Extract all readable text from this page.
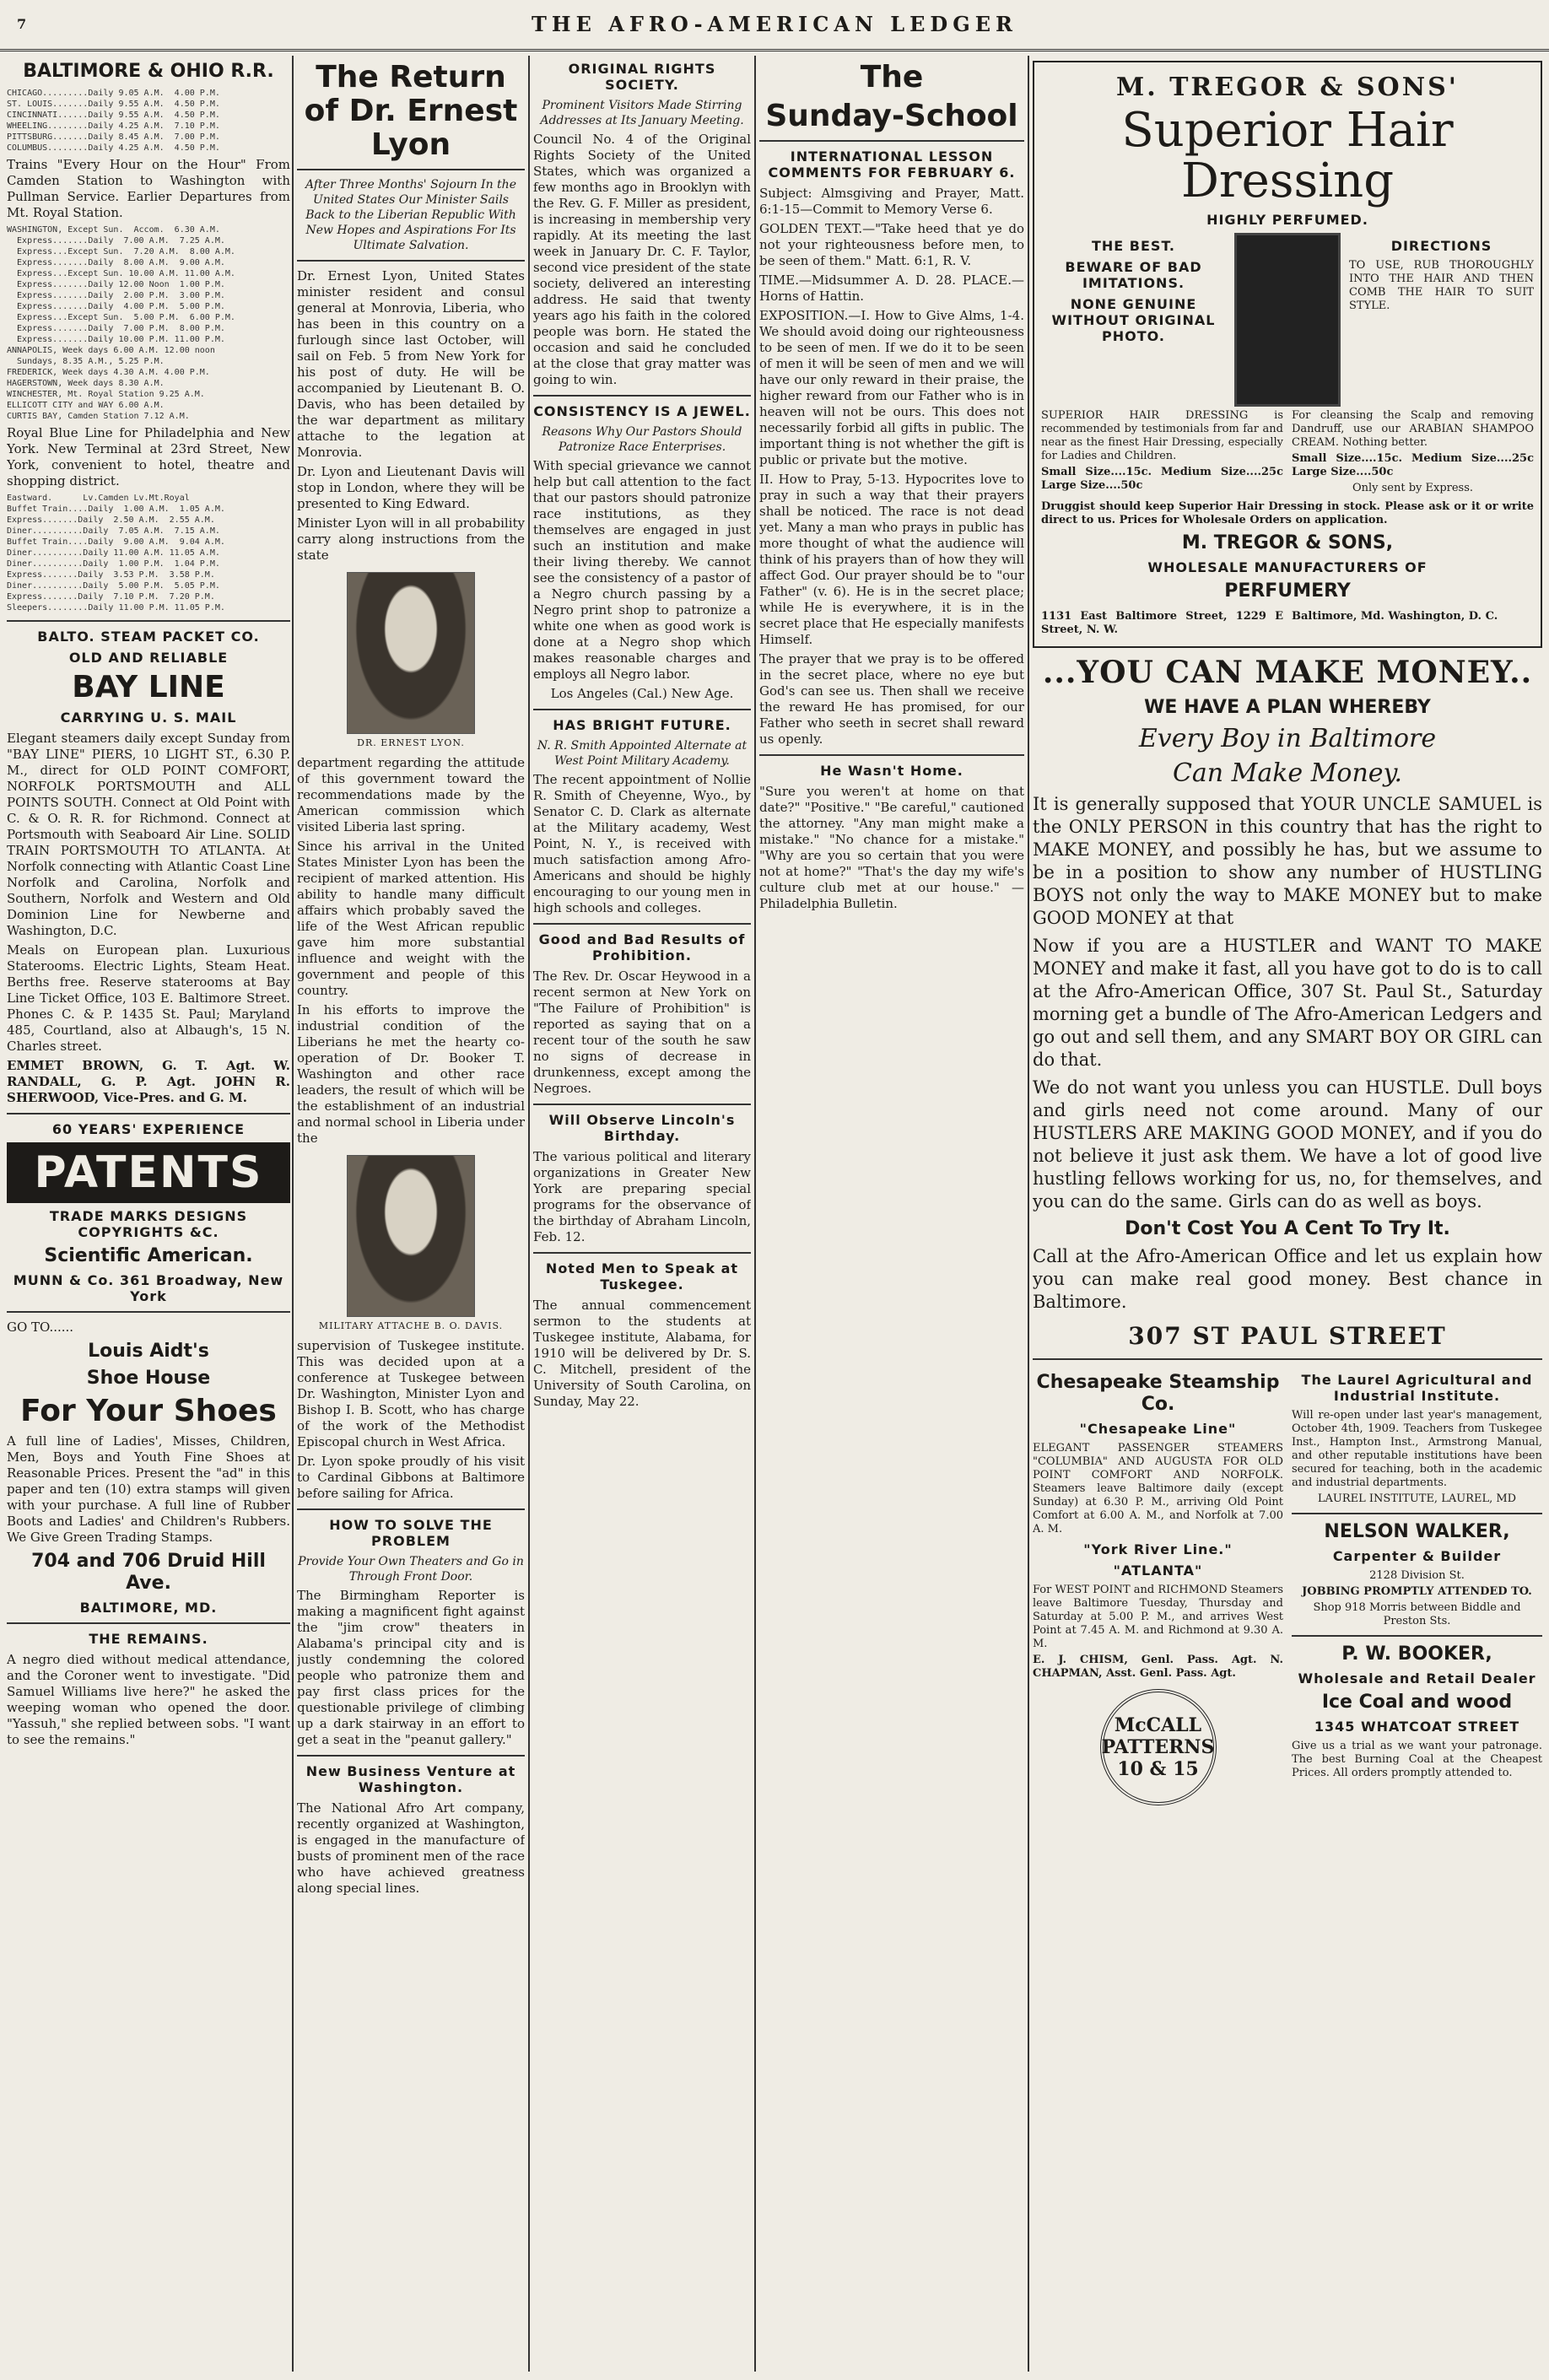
7	THE AFRO-AMERICAN LEDGER
BALTIMORE & OHIO R.R.
CHICAGO.........Daily 9.05 A.M.  4.00 P.M.
ST. LOUIS.......Daily 9.55 A.M.  4.50 P.M.
CINCINNATI......Daily 9.55 A.M.  4.50 P.M.
WHEELING........Daily 4.25 A.M.  7.10 P.M.
PITTSBURG.......Daily 8.45 A.M.  7.00 P.M.
COLUMBUS........Daily 4.25 A.M.  4.50 P.M.
Trains "Every Hour on the Hour" From Camden Station to Washington with Pullman Service. Earlier Departures from Mt. Royal Station.
WASHINGTON, Except Sun.  Accom.  6.30 A.M.
Express.......Daily  7.00 A.M.  7.25 A.M.
Express...Except Sun.  7.20 A.M.  8.00 A.M.
Express.......Daily  8.00 A.M.  9.00 A.M.
Express...Except Sun. 10.00 A.M. 11.00 A.M.
Express.......Daily 12.00 Noon  1.00 P.M.
Express.......Daily  2.00 P.M.  3.00 P.M.
Express.......Daily  4.00 P.M.  5.00 P.M.
Express...Except Sun.  5.00 P.M.  6.00 P.M.
Express.......Daily  7.00 P.M.  8.00 P.M.
Express.......Daily 10.00 P.M. 11.00 P.M.
ANNAPOLIS, Week days 6.00 A.M. 12.00 noon
Sundays, 8.35 A.M., 5.25 P.M.
FREDERICK, Week days 4.30 A.M. 4.00 P.M.
HAGERSTOWN, Week days 8.30 A.M.
WINCHESTER, Mt. Royal Station 9.25 A.M.
ELLICOTT CITY and WAY 6.00 A.M.
CURTIS BAY, Camden Station 7.12 A.M.
Royal Blue Line for Philadelphia and New York. New Terminal at 23rd Street, New York, convenient to hotel, theatre and shopping district.
Eastward.      Lv.Camden Lv.Mt.Royal
Buffet Train....Daily  1.00 A.M.  1.05 A.M.
Express.......Daily  2.50 A.M.  2.55 A.M.
Diner..........Daily  7.05 A.M.  7.15 A.M.
Buffet Train....Daily  9.00 A.M.  9.04 A.M.
Diner..........Daily 11.00 A.M. 11.05 A.M.
Diner..........Daily  1.00 P.M.  1.04 P.M.
Express.......Daily  3.53 P.M.  3.58 P.M.
Diner..........Daily  5.00 P.M.  5.05 P.M.
Express.......Daily  7.10 P.M.  7.20 P.M.
Sleepers........Daily 11.00 P.M. 11.05 P.M.
BALTO. STEAM PACKET CO.
OLD AND RELIABLE
BAY LINE
CARRYING U. S. MAIL
Elegant steamers daily except Sunday from "BAY LINE" PIERS, 10 LIGHT ST., 6.30 P. M., direct for OLD POINT COMFORT, NORFOLK PORTSMOUTH and ALL POINTS SOUTH. Connect at Old Point with C. & O. R. R. for Richmond. Connect at Portsmouth with Seaboard Air Line. SOLID TRAIN PORTSMOUTH TO ATLANTA. At Norfolk connecting with Atlantic Coast Line Norfolk and Carolina, Norfolk and Southern, Norfolk and Western and Old Dominion Line for Newberne and Washington, D.C.
Meals on European plan. Luxurious Staterooms. Electric Lights, Steam Heat. Berths free. Reserve staterooms at Bay Line Ticket Office, 103 E. Baltimore Street. Phones C. & P. 1435 St. Paul; Maryland 485, Courtland, also at Albaugh's, 15 N. Charles street.
EMMET BROWN, G. T. Agt. W. RANDALL, G. P. Agt. JOHN R. SHERWOOD, Vice-Pres. and G. M.
60 YEARS' EXPERIENCE
PATENTS
TRADE MARKS DESIGNS COPYRIGHTS &C.
Scientific American.
MUNN & Co. 361 Broadway, New York
GO TO......
Louis Aidt's
Shoe House
For Your Shoes
A full line of Ladies', Misses, Children, Men, Boys and Youth Fine Shoes at Reasonable Prices. Present the "ad" in this paper and ten (10) extra stamps will given with your purchase. A full line of Rubber Boots and Ladies' and Children's Rubbers. We Give Green Trading Stamps.
704 and 706 Druid Hill Ave.
BALTIMORE, MD.
THE REMAINS.
A negro died without medical attendance, and the Coroner went to investigate. "Did Samuel Williams live here?" he asked the weeping woman who opened the door. "Yassuh," she replied between sobs. "I want to see the remains."
The Return of Dr. Ernest Lyon
After Three Months' Sojourn In the United States Our Minister Sails Back to the Liberian Republic With New Hopes and Aspirations For Its Ultimate Salvation.
Dr. Ernest Lyon, United States minister resident and consul general at Monrovia, Liberia, who has been in this country on a furlough since last October, will sail on Feb. 5 from New York for his post of duty. He will be accompanied by Lieutenant B. O. Davis, who has been detailed by the war department as military attache to the legation at Monrovia.
Dr. Lyon and Lieutenant Davis will stop in London, where they will be presented to King Edward.
Minister Lyon will in all probability carry along instructions from the state
DR. ERNEST LYON.
department regarding the attitude of this government toward the recommendations made by the American commission which visited Liberia last spring.
Since his arrival in the United States Minister Lyon has been the recipient of marked attention. His ability to handle many difficult affairs which probably saved the life of the West African republic gave him more substantial influence and weight with the government and people of this country.
In his efforts to improve the industrial condition of the Liberians he met the hearty co-operation of Dr. Booker T. Washington and other race leaders, the result of which will be the establishment of an industrial and normal school in Liberia under the
MILITARY ATTACHE B. O. DAVIS.
supervision of Tuskegee institute. This was decided upon at a conference at Tuskegee between Dr. Washington, Minister Lyon and Bishop I. B. Scott, who has charge of the work of the Methodist Episcopal church in West Africa.
Dr. Lyon spoke proudly of his visit to Cardinal Gibbons at Baltimore before sailing for Africa.
HOW TO SOLVE THE PROBLEM
Provide Your Own Theaters and Go in Through Front Door.
The Birmingham Reporter is making a magnificent fight against the "jim crow" theaters in Alabama's principal city and is justly condemning the colored people who patronize them and pay first class prices for the questionable privilege of climbing up a dark stairway in an effort to get a seat in the "peanut gallery."
New Business Venture at Washington.
The National Afro Art company, recently organized at Washington, is engaged in the manufacture of busts of prominent men of the race who have achieved greatness along special lines.
ORIGINAL RIGHTS SOCIETY.
Prominent Visitors Made Stirring Addresses at Its January Meeting.
Council No. 4 of the Original Rights Society of the United States, which was organized a few months ago in Brooklyn with the Rev. G. F. Miller as president, is increasing in membership very rapidly. At its meeting the last week in January Dr. C. F. Taylor, second vice president of the state society, delivered an interesting address. He said that twenty years ago his faith in the colored people was born. He stated the occasion and said he concluded at the close that gray matter was going to win.
CONSISTENCY IS A JEWEL.
Reasons Why Our Pastors Should Patronize Race Enterprises.
With special grievance we cannot help but call attention to the fact that our pastors should patronize race institutions, as they themselves are engaged in just such an institution and make their living thereby. We cannot see the consistency of a pastor of a Negro church passing by a Negro print shop to patronize a white one when as good work is done at a Negro shop which makes reasonable charges and employs all Negro labor.
Los Angeles (Cal.) New Age.
HAS BRIGHT FUTURE.
N. R. Smith Appointed Alternate at West Point Military Academy.
The recent appointment of Nollie R. Smith of Cheyenne, Wyo., by Senator C. D. Clark as alternate at the Military academy, West Point, N. Y., is received with much satisfaction among Afro-Americans and should be highly encouraging to our young men in high schools and colleges.
Good and Bad Results of Prohibition.
The Rev. Dr. Oscar Heywood in a recent sermon at New York on "The Failure of Prohibition" is reported as saying that on a recent tour of the south he saw no signs of decrease in drunkenness, except among the Negroes.
Will Observe Lincoln's Birthday.
The various political and literary organizations in Greater New York are preparing special programs for the observance of the birthday of Abraham Lincoln, Feb. 12.
Noted Men to Speak at Tuskegee.
The annual commencement sermon to the students at Tuskegee institute, Alabama, for 1910 will be delivered by Dr. S. C. Mitchell, president of the University of South Carolina, on Sunday, May 22.
The
Sunday-School
INTERNATIONAL LESSON COMMENTS FOR FEBRUARY 6.
Subject: Almsgiving and Prayer, Matt. 6:1-15—Commit to Memory Verse 6.
GOLDEN TEXT.—"Take heed that ye do not your righteousness before men, to be seen of them." Matt. 6:1, R. V.
TIME.—Midsummer A. D. 28. PLACE.—Horns of Hattin.
EXPOSITION.—I. How to Give Alms, 1-4. We should avoid doing our righteousness to be seen of men. If we do it to be seen of men it will be seen of men and we will have our only reward in their praise, the higher reward from our Father who is in heaven will not be ours. This does not necessarily forbid all gifts in public. The important thing is not whether the gift is public or private but the motive.
II. How to Pray, 5-13. Hypocrites love to pray in such a way that their prayers shall be noticed. The race is not dead yet. Many a man who prays in public has more thought of what the audience will think of his prayers than of how they will affect God. Our prayer should be to "our Father" (v. 6). He is in the secret place; while He is everywhere, it is in the secret place that He especially manifests Himself.
The prayer that we pray is to be offered in the secret place, where no eye but God's can see us. Then shall we receive the reward He has promised, for our Father who seeth in secret shall reward us openly.
He Wasn't Home.
"Sure you weren't at home on that date?" "Positive." "Be careful," cautioned the attorney. "Any man might make a mistake." "No chance for a mistake." "Why are you so certain that you were not at home?" "That's the day my wife's culture club met at our house." —Philadelphia Bulletin.
M. TREGOR & SONS'
Superior Hair Dressing
HIGHLY PERFUMED.
THE BEST.
BEWARE OF BAD IMITATIONS.
NONE GENUINE WITHOUT ORIGINAL PHOTO.
DIRECTIONS
TO USE, RUB THOROUGHLY INTO THE HAIR AND THEN COMB THE HAIR TO SUIT STYLE.
SUPERIOR HAIR DRESSING is recommended by testimonials from far and near as the finest Hair Dressing, especially for Ladies and Children.
Small Size....15c. Medium Size....25c Large Size....50c
For cleansing the Scalp and removing Dandruff, use our ARABIAN SHAMPOO CREAM. Nothing better.
Small Size....15c. Medium Size....25c Large Size....50c
Only sent by Express.
Druggist should keep Superior Hair Dressing in stock. Please ask or it or write direct to us. Prices for Wholesale Orders on application.
M. TREGOR & SONS,
WHOLESALE MANUFACTURERS OF
PERFUMERY
1131 East Baltimore Street, 1229 E Street, N. W.
Baltimore, Md. Washington, D. C.
...YOU CAN MAKE MONEY..
WE HAVE A PLAN WHEREBY
Every Boy in Baltimore
Can Make Money.
It is generally supposed that YOUR UNCLE SAMUEL is the ONLY PERSON in this country that has the right to MAKE MONEY, and possibly he has, but we assume to be in a position to show any number of HUSTLING BOYS not only the way to MAKE MONEY but to make GOOD MONEY at that
Now if you are a HUSTLER and WANT TO MAKE MONEY and make it fast, all you have got to do is to call at the Afro-American Office, 307 St. Paul St., Saturday morning get a bundle of The Afro-American Ledgers and go out and sell them, and any SMART BOY OR GIRL can do that.
We do not want you unless you can HUSTLE. Dull boys and girls need not come around. Many of our HUSTLERS ARE MAKING GOOD MONEY, and if you do not believe it just ask them. We have a lot of good live hustling fellows working for us, no, for themselves, and you can do the same. Girls can do as well as boys.
Don't Cost You A Cent To Try It.
Call at the Afro-American Office and let us explain how you can make real good money. Best chance in Baltimore.
307 ST PAUL STREET
Chesapeake Steamship Co.
"Chesapeake Line"
ELEGANT PASSENGER STEAMERS "COLUMBIA" AND AUGUSTA FOR OLD POINT COMFORT AND NORFOLK. Steamers leave Baltimore daily (except Sunday) at 6.30 P. M., arriving Old Point Comfort at 6.00 A. M., and Norfolk at 7.00 A. M.
"York River Line."
"ATLANTA"
For WEST POINT and RICHMOND Steamers leave Baltimore Tuesday, Thursday and Saturday at 5.00 P. M., and arrives West Point at 7.45 A. M. and Richmond at 9.30 A. M.
E. J. CHISM, Genl. Pass. Agt. N. CHAPMAN, Asst. Genl. Pass. Agt.
McCALL PATTERNS 10 & 15
The Laurel Agricultural and Industrial Institute.
Will re-open under last year's management, October 4th, 1909. Teachers from Tuskegee Inst., Hampton Inst., Armstrong Manual, and other reputable institutions have been secured for teaching, both in the academic and industrial departments.
LAUREL INSTITUTE, LAUREL, MD
NELSON WALKER,
Carpenter & Builder
2128 Division St.
JOBBING PROMPTLY ATTENDED TO.
Shop 918 Morris between Biddle and Preston Sts.
P. W. BOOKER,
Wholesale and Retail Dealer
Ice Coal and wood
1345 WHATCOAT STREET
Give us a trial as we want your patronage. The best Burning Coal at the Cheapest Prices. All orders promptly attended to.
